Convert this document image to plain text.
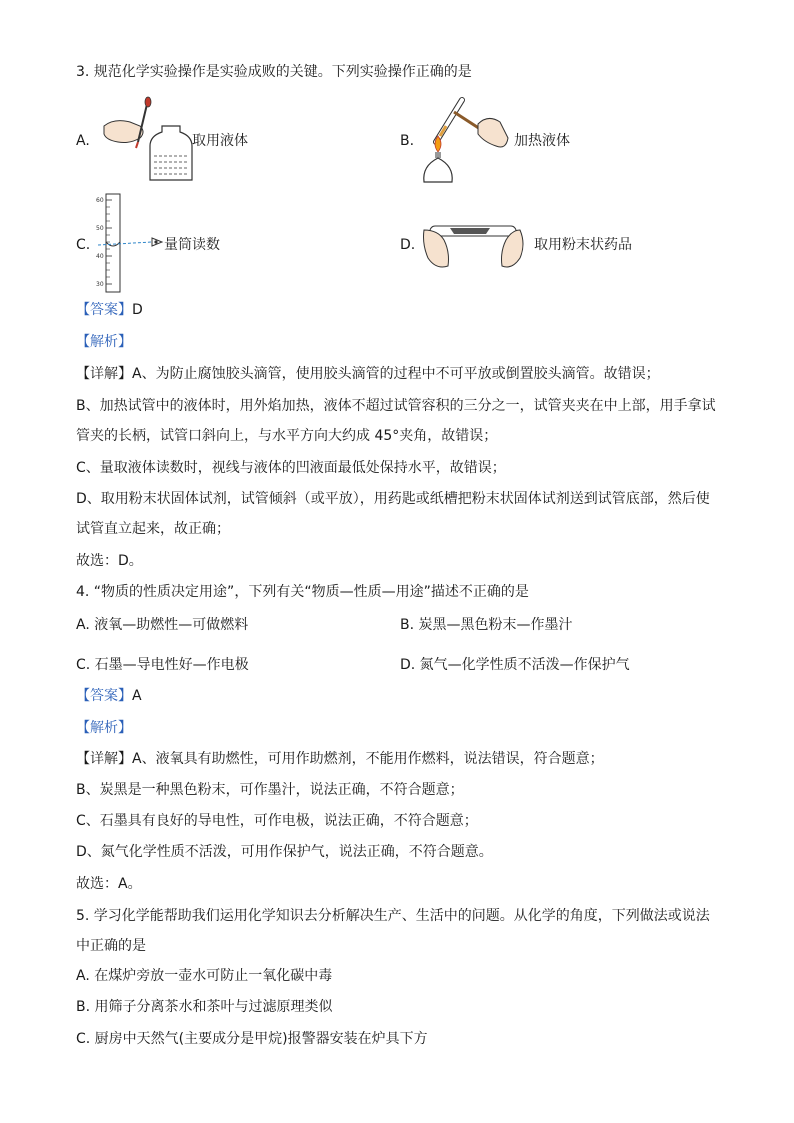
3. 规范化学实验操作是实验成败的关键。下列实验操作正确的是
A.	取用液体	B.	加热液体
C.
60
50
40
30
量筒读数	D.	取用粉末状药品
【答案】D
【解析】
【详解】A、为防止腐蚀胶头滴管，使用胶头滴管的过程中不可平放或倒置胶头滴管。故错误；
B、加热试管中的液体时，用外焰加热，液体不超过试管容积的三分之一，试管夹夹在中上部，用手拿试
管夹的长柄，试管口斜向上，与水平方向大约成 45°夹角，故错误；
C、量取液体读数时，视线与液体的凹液面最低处保持水平，故错误；
D、取用粉末状固体试剂，试管倾斜（或平放），用药匙或纸槽把粉末状固体试剂送到试管底部，然后使
试管直立起来，故正确；
故选：D。
4. “物质的性质决定用途”，下列有关“物质—性质—用途”描述不正确的是
A. 液氧—助燃性—可做燃料	B. 炭黑—黑色粉末—作墨汁
C. 石墨—导电性好—作电极	D. 氮气—化学性质不活泼—作保护气
【答案】A
【解析】
【详解】A、液氧具有助燃性，可用作助燃剂，不能用作燃料，说法错误，符合题意；
B、炭黑是一种黑色粉末，可作墨汁，说法正确，不符合题意；
C、石墨具有良好的导电性，可作电极，说法正确，不符合题意；
D、氮气化学性质不活泼，可用作保护气，说法正确，不符合题意。
故选：A。
5. 学习化学能帮助我们运用化学知识去分析解决生产、生活中的问题。从化学的角度，下列做法或说法
中正确的是
A. 在煤炉旁放一壶水可防止一氧化碳中毒
B. 用筛子分离茶水和茶叶与过滤原理类似
C. 厨房中天然气(主要成分是甲烷)报警器安装在炉具下方
